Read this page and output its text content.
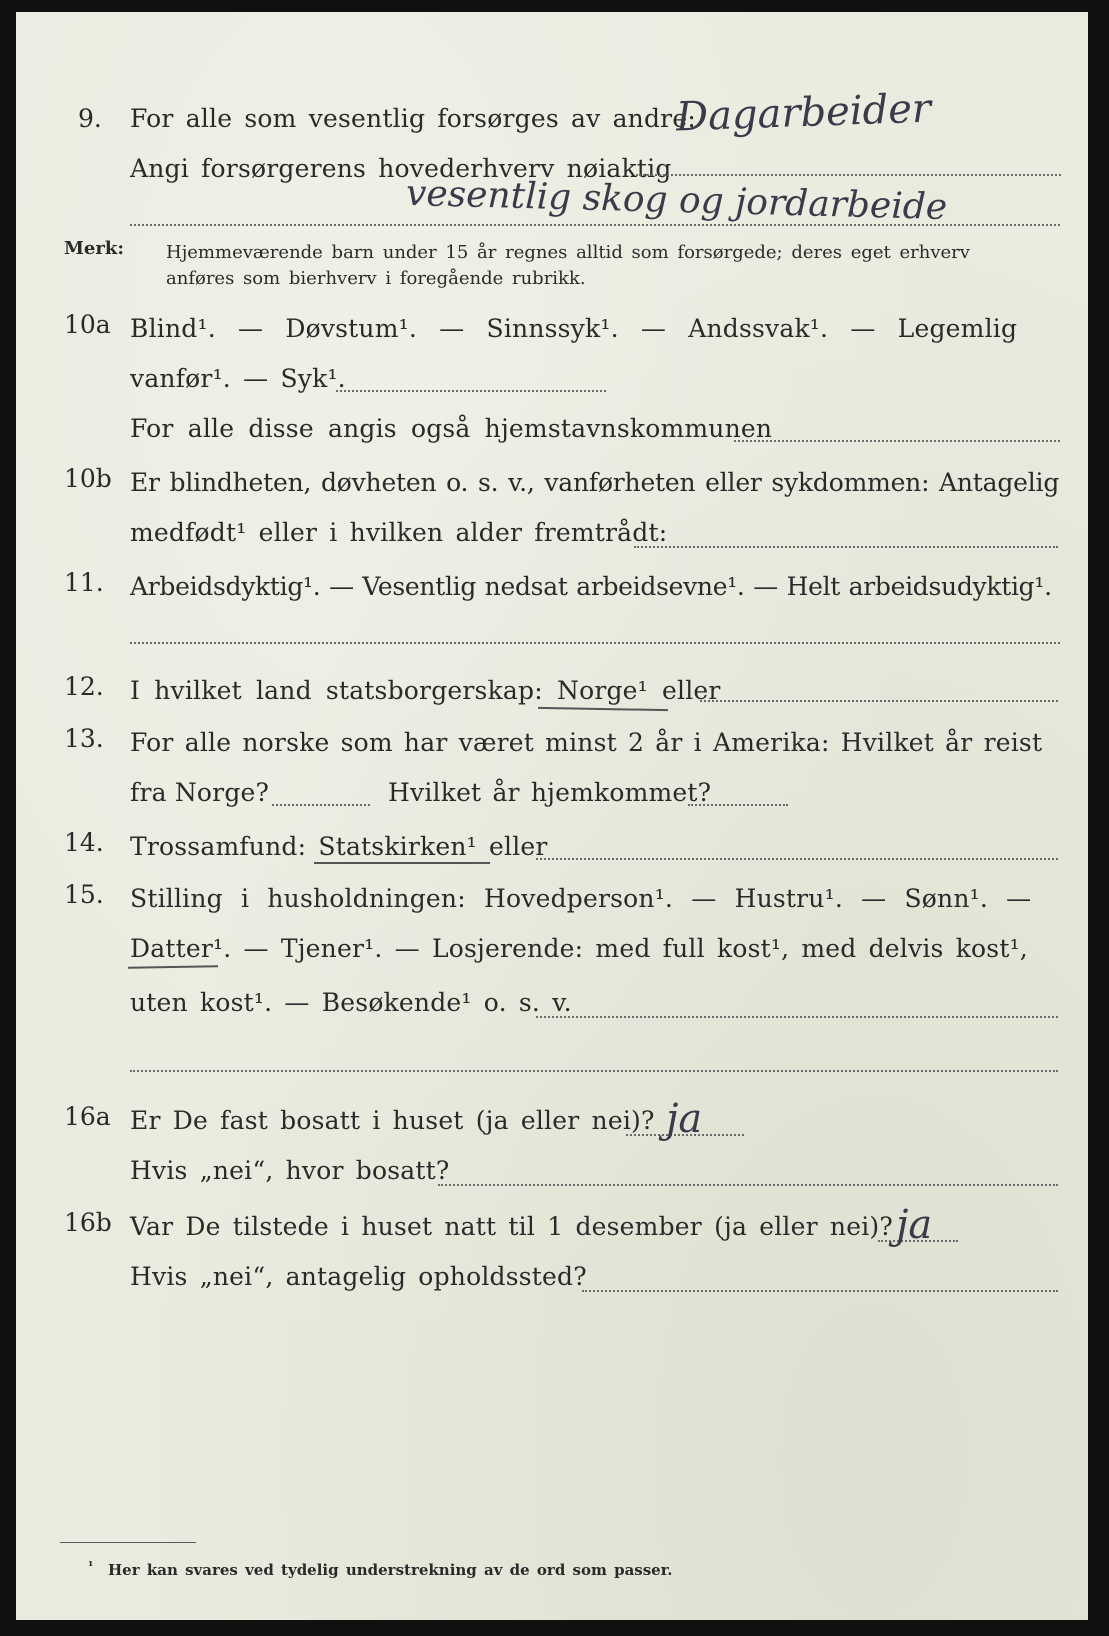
9. For alle som vesentlig forsørges av andre:
Dagarbeider
Angi forsørgerens hovederhverv nøiaktig
vesentlig skog og jordarbeide
Merk: Hjemmeværende barn under 15 år regnes alltid som forsørgede; deres eget erhverv
anføres som bierhverv i foregående rubrikk.
10a Blind¹. — Døvstum¹. — Sinnssyk¹. — Andssvak¹. — Legemlig
vanfør¹. — Syk¹.
For alle disse angis også hjemstavnskommunen
10b Er blindheten, døvheten o. s. v., vanførheten eller sykdommen: Antagelig
medfødt¹ eller i hvilken alder fremtrådt:
11. Arbeidsdyktig¹. — Vesentlig nedsat arbeidsevne¹. — Helt arbeidsudyktig¹.
12. I hvilket land statsborgerskap: Norge¹ eller
13. For alle norske som har været minst 2 år i Amerika: Hvilket år reist
fra Norge?	Hvilket år hjemkommet?
14. Trossamfund: Statskirken¹ eller
15. Stilling i husholdningen: Hovedperson¹. — Hustru¹. — Sønn¹. —
Datter¹. — Tjener¹. — Losjerende: med full kost¹, med delvis kost¹,
uten kost¹. — Besøkende¹ o. s. v.
16a Er De fast bosatt i huset (ja eller nei)? ja
Hvis „nei“, hvor bosatt?
16b Var De tilstede i huset natt til 1 desember (ja eller nei)? ja
Hvis „nei“, antagelig opholdssted?
¹ Her kan svares ved tydelig understrekning av de ord som passer.
